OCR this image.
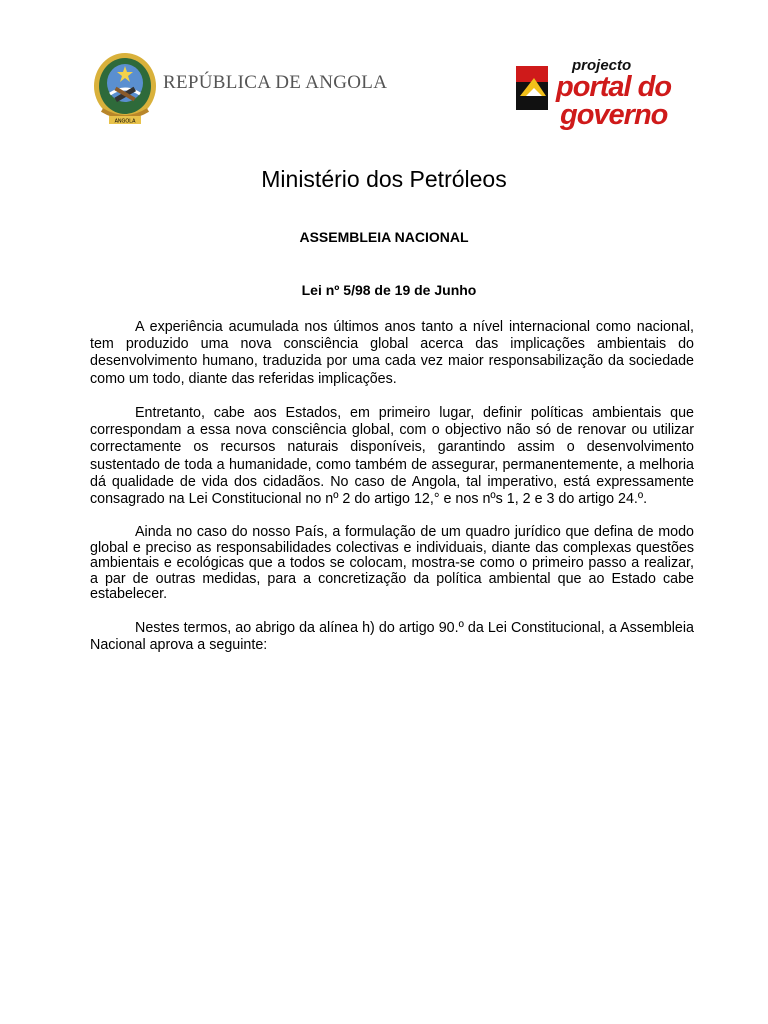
ANGOLA
REPÚBLICA DE ANGOLA
projecto
portal do
governo
Ministério dos Petróleos
ASSEMBLEIA NACIONAL
Lei nº 5/98 de 19 de Junho

A experiência acumulada nos últimos anos tanto a nível internacional como nacional, tem produzido uma nova consciência global acerca das implicações ambientais do desenvolvimento humano, traduzida por uma cada vez maior responsabilização da sociedade como um todo, diante das referidas implicações.

Entretanto, cabe aos Estados, em primeiro lugar, definir políticas ambientais que correspondam a essa nova consciência global, com o objectivo não só de renovar ou utilizar correctamente os recursos naturais disponíveis, garantindo assim o desenvolvimento sustentado de toda a humanidade, como também de assegurar, permanentemente, a melhoria dá qualidade de vida dos cidadãos. No caso de Angola, tal imperativo, está expressamente consagrado na Lei Constitucional no nº 2 do artigo 12,° e nos nºs 1, 2 e 3 do artigo 24.º.

Ainda no caso do nosso País, a formulação de um quadro jurídico que defina de modo global e preciso as responsabilidades colectivas e individuais, diante das complexas questões ambientais e ecológicas que a todos se colocam, mostra-se como o primeiro passo a realizar, a par de outras medidas, para a concretização da política ambiental que ao Estado cabe estabelecer.

Nestes termos, ao abrigo da alínea h) do artigo 90.º da Lei Constitucional, a Assembleia Nacional aprova a seguinte:
